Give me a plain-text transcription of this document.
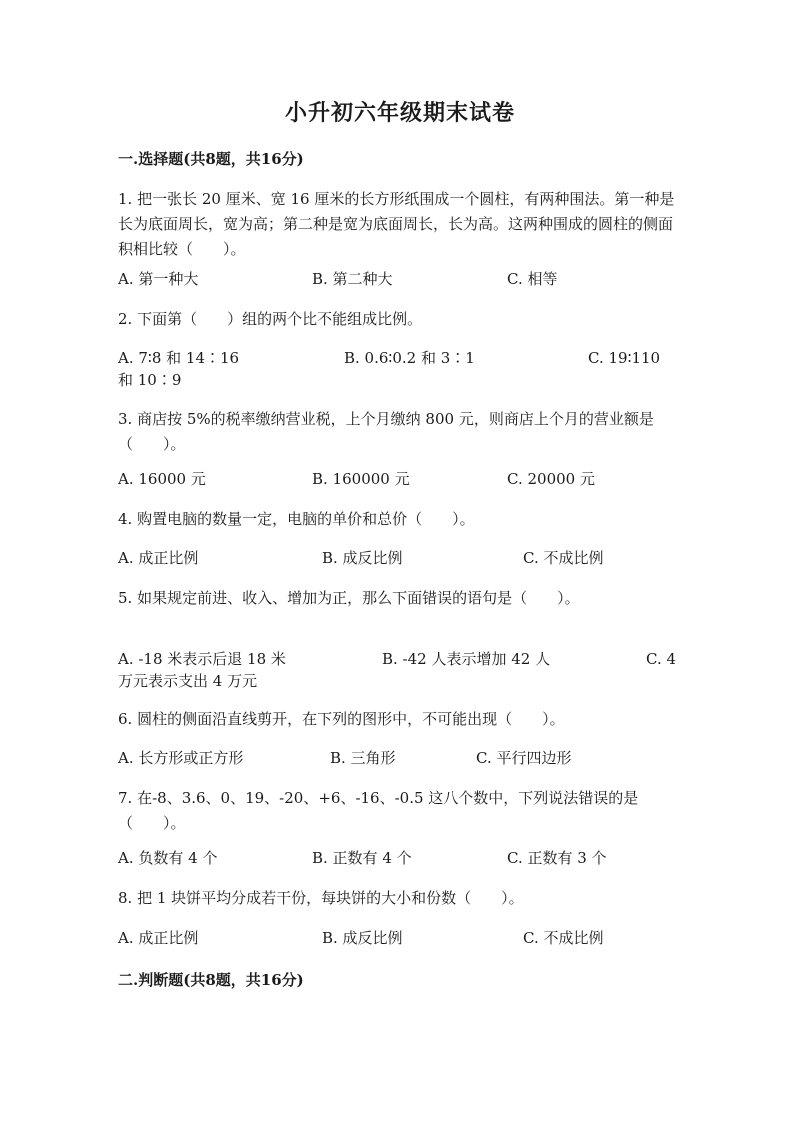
小升初六年级期末试卷
一.选择题(共8题，共16分)
1. 把一张长 20 厘米、宽 16 厘米的长方形纸围成一个圆柱，有两种围法。第一种是长为底面周长，宽为高；第二种是宽为底面周长，长为高。这两种围成的圆柱的侧面积相比较（　　）。
A. 第一种大	B. 第二种大	C. 相等
2. 下面第（　　）组的两个比不能组成比例。
A. 7∶8 和 14∶16	B. 0.6∶0.2 和 3∶1	C. 19∶110
和 10∶9
3. 商店按 5%的税率缴纳营业税，上个月缴纳 800 元，则商店上个月的营业额是（　　）。
A. 16000 元	B. 160000 元	C. 20000 元
4. 购置电脑的数量一定，电脑的单价和总价（　　）。
A. 成正比例	B. 成反比例	C. 不成比例
5. 如果规定前进、收入、增加为正，那么下面错误的语句是（　　）。
A. -18 米表示后退 18 米	B. -42 人表示增加 42 人	C. 4
万元表示支出 4 万元
6. 圆柱的侧面沿直线剪开，在下列的图形中，不可能出现（　　）。
A. 长方形或正方形	B. 三角形	C. 平行四边形
7. 在-8、3.6、0、19、-20、+6、-16、-0.5 这八个数中，下列说法错误的是（　　）。
A. 负数有 4 个	B. 正数有 4 个	C. 正数有 3 个
8. 把 1 块饼平均分成若干份，每块饼的大小和份数（　　）。
A. 成正比例	B. 成反比例	C. 不成比例
二.判断题(共8题，共16分)
